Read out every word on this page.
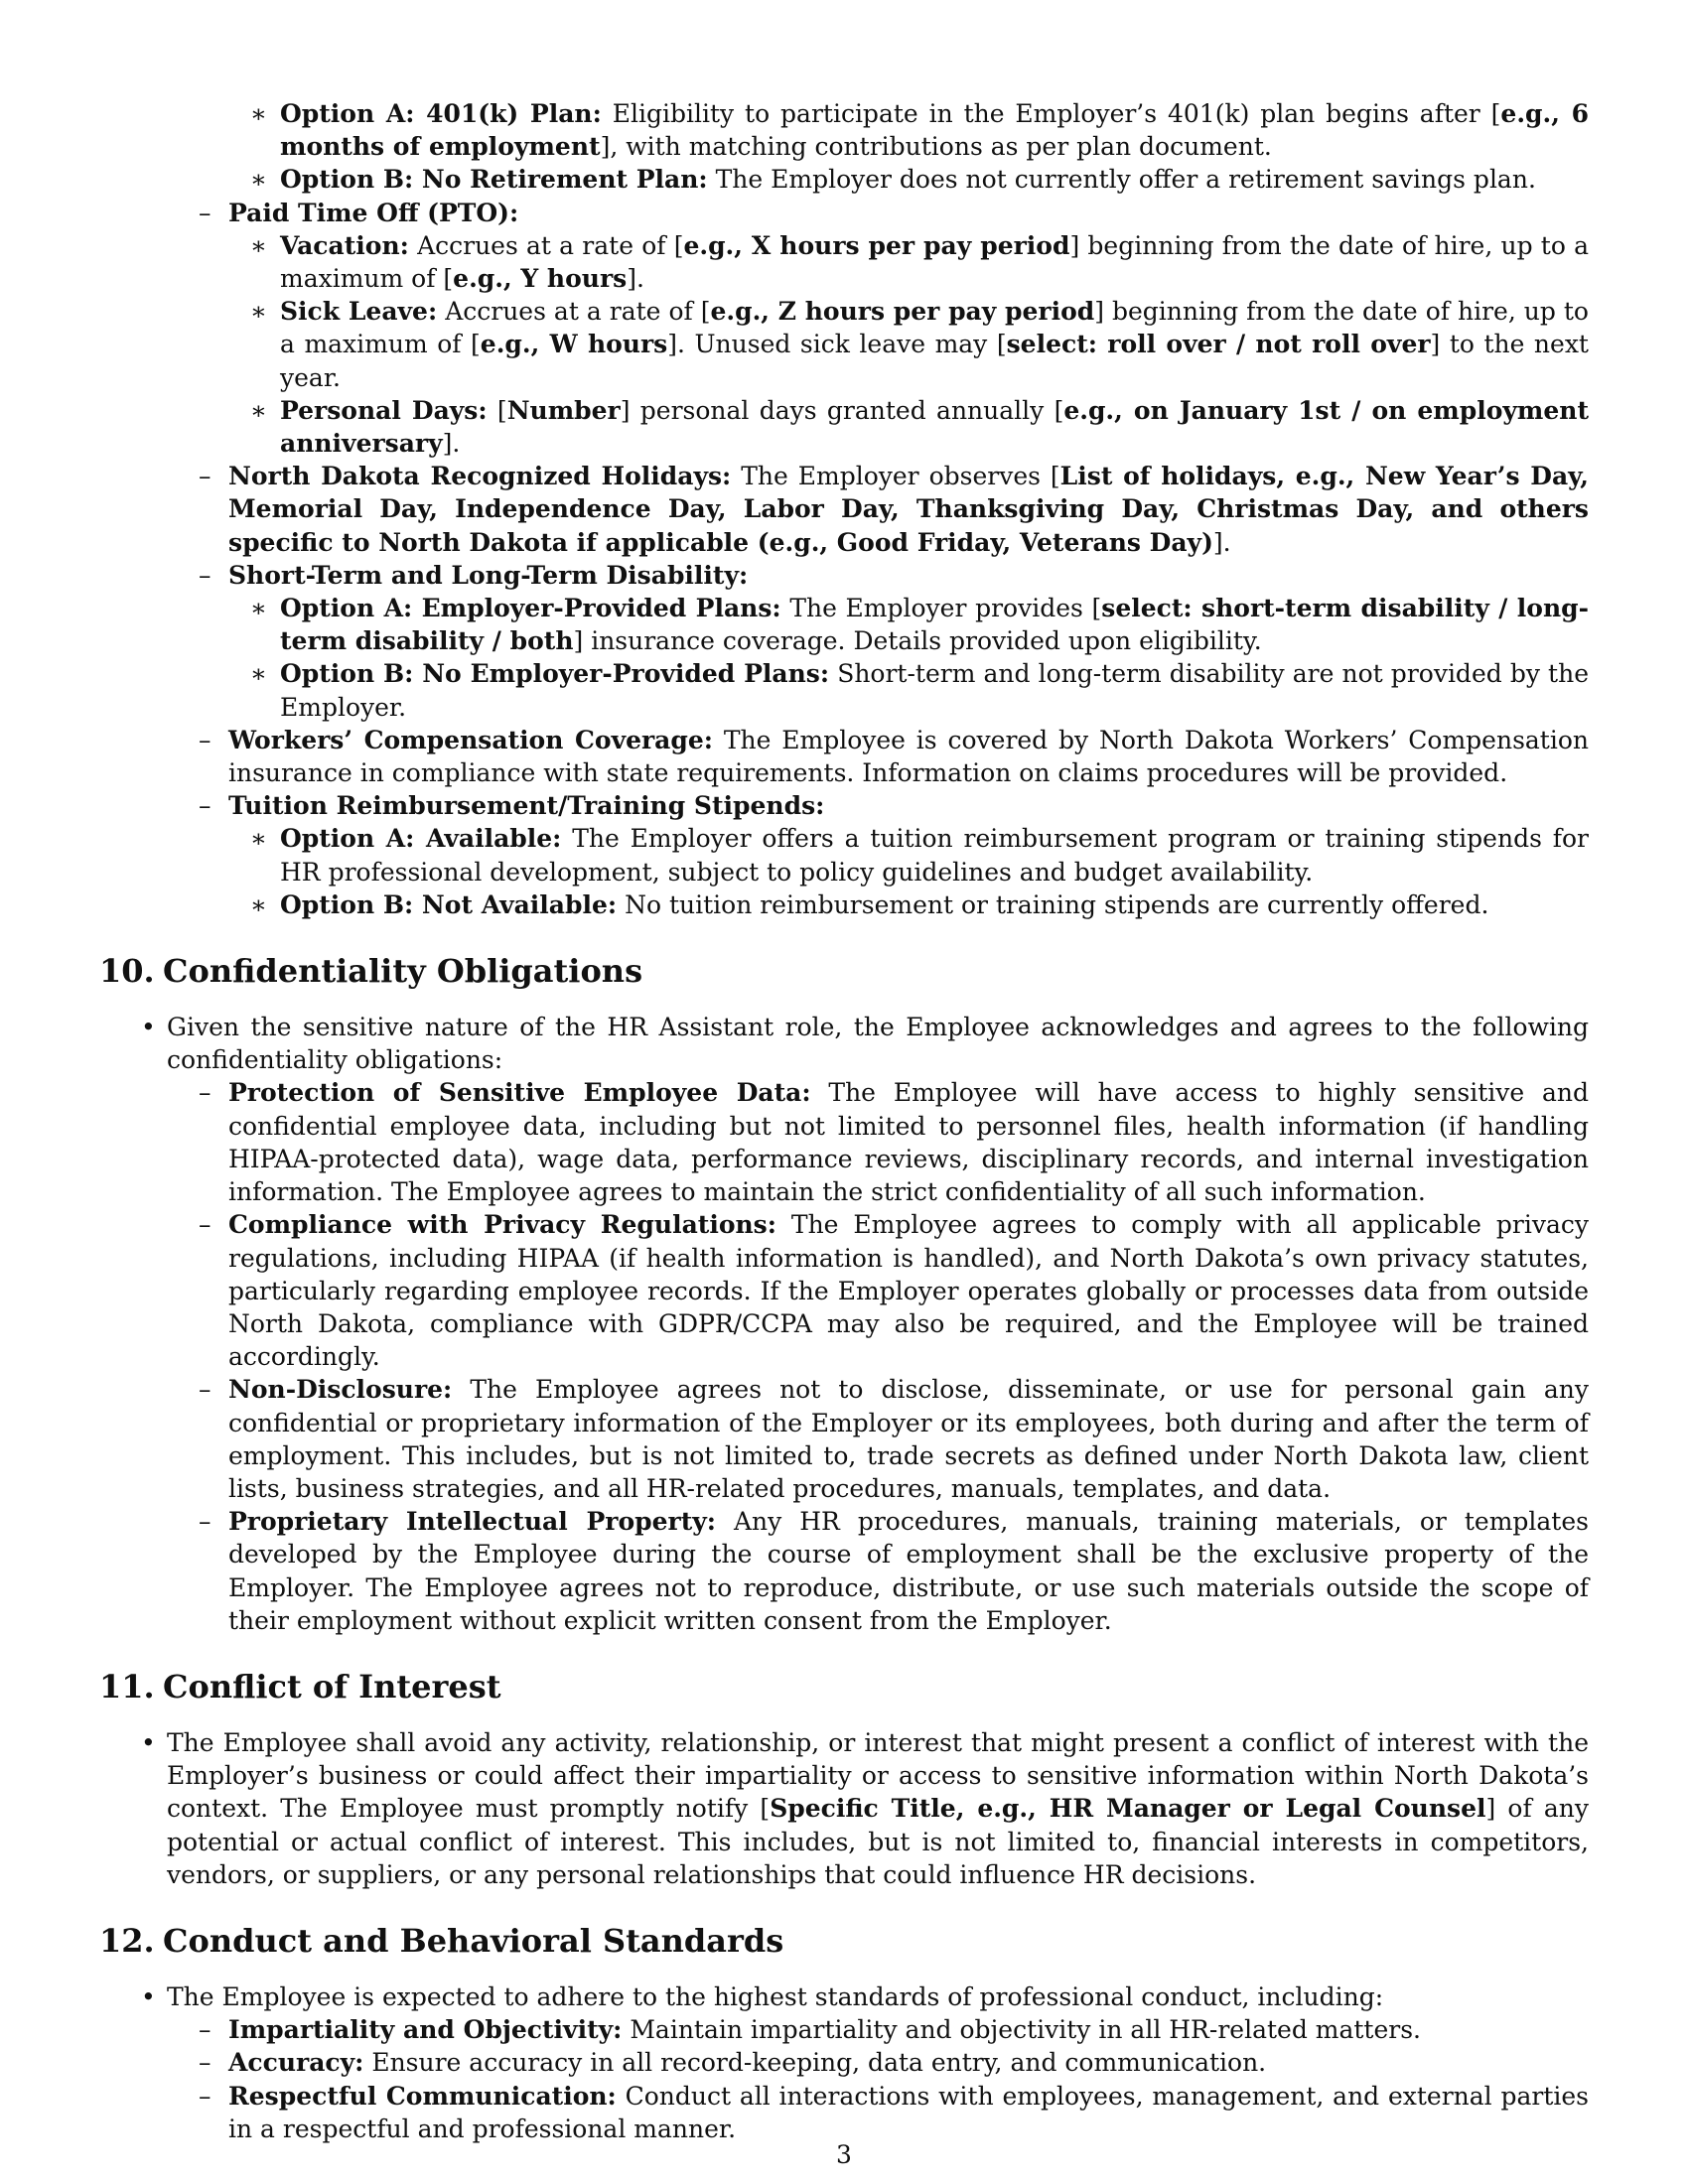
∗ Option A: 401(k) Plan: Eligibility to participate in the Employer’s 401(k) plan begins after [e.g., 6 months of employment], with matching contributions as per plan document.
∗ Option B: No Retirement Plan: The Employer does not currently offer a retirement savings plan.
– Paid Time Off (PTO):
∗ Vacation: Accrues at a rate of [e.g., X hours per pay period] beginning from the date of hire, up to a maximum of [e.g., Y hours].
∗ Sick Leave: Accrues at a rate of [e.g., Z hours per pay period] beginning from the date of hire, up to a maximum of [e.g., W hours]. Unused sick leave may [select: roll over / not roll over] to the next year.
∗ Personal Days: [Number] personal days granted annually [e.g., on January 1st / on employment anniversary].
– North Dakota Recognized Holidays: The Employer observes [List of holidays, e.g., New Year’s Day, Memorial Day, Independence Day, Labor Day, Thanksgiving Day, Christmas Day, and others specific to North Dakota if applicable (e.g., Good Friday, Veterans Day)].
– Short-Term and Long-Term Disability:
∗ Option A: Employer-Provided Plans: The Employer provides [select: short-term disability / long-term disability / both] insurance coverage. Details provided upon eligibility.
∗ Option B: No Employer-Provided Plans: Short-term and long-term disability are not provided by the Employer.
– Workers’ Compensation Coverage: The Employee is covered by North Dakota Workers’ Compensation insurance in compliance with state requirements. Information on claims procedures will be provided.
– Tuition Reimbursement/Training Stipends:
∗ Option A: Available: The Employer offers a tuition reimbursement program or training stipends for HR professional development, subject to policy guidelines and budget availability.
∗ Option B: Not Available: No tuition reimbursement or training stipends are currently offered.
10. Confidentiality Obligations
• Given the sensitive nature of the HR Assistant role, the Employee acknowledges and agrees to the following confidentiality obligations:
– Protection of Sensitive Employee Data: The Employee will have access to highly sensitive and confidential employee data, including but not limited to personnel files, health information (if handling HIPAA-protected data), wage data, performance reviews, disciplinary records, and internal investigation information. The Employee agrees to maintain the strict confidentiality of all such information.
– Compliance with Privacy Regulations: The Employee agrees to comply with all applicable privacy regulations, including HIPAA (if health information is handled), and North Dakota’s own privacy statutes, particularly regarding employee records. If the Employer operates globally or processes data from outside North Dakota, compliance with GDPR/CCPA may also be required, and the Employee will be trained accordingly.
– Non-Disclosure: The Employee agrees not to disclose, disseminate, or use for personal gain any confidential or proprietary information of the Employer or its employees, both during and after the term of employment. This includes, but is not limited to, trade secrets as defined under North Dakota law, client lists, business strategies, and all HR-related procedures, manuals, templates, and data.
– Proprietary Intellectual Property: Any HR procedures, manuals, training materials, or templates developed by the Employee during the course of employment shall be the exclusive property of the Employer. The Employee agrees not to reproduce, distribute, or use such materials outside the scope of their employment without explicit written consent from the Employer.
11. Conflict of Interest
• The Employee shall avoid any activity, relationship, or interest that might present a conflict of interest with the Employer’s business or could affect their impartiality or access to sensitive information within North Dakota’s context. The Employee must promptly notify [Specific Title, e.g., HR Manager or Legal Counsel] of any potential or actual conflict of interest. This includes, but is not limited to, financial interests in competitors, vendors, or suppliers, or any personal relationships that could influence HR decisions.
12. Conduct and Behavioral Standards
• The Employee is expected to adhere to the highest standards of professional conduct, including:
– Impartiality and Objectivity: Maintain impartiality and objectivity in all HR-related matters.
– Accuracy: Ensure accuracy in all record-keeping, data entry, and communication.
– Respectful Communication: Conduct all interactions with employees, management, and external parties in a respectful and professional manner.
3
